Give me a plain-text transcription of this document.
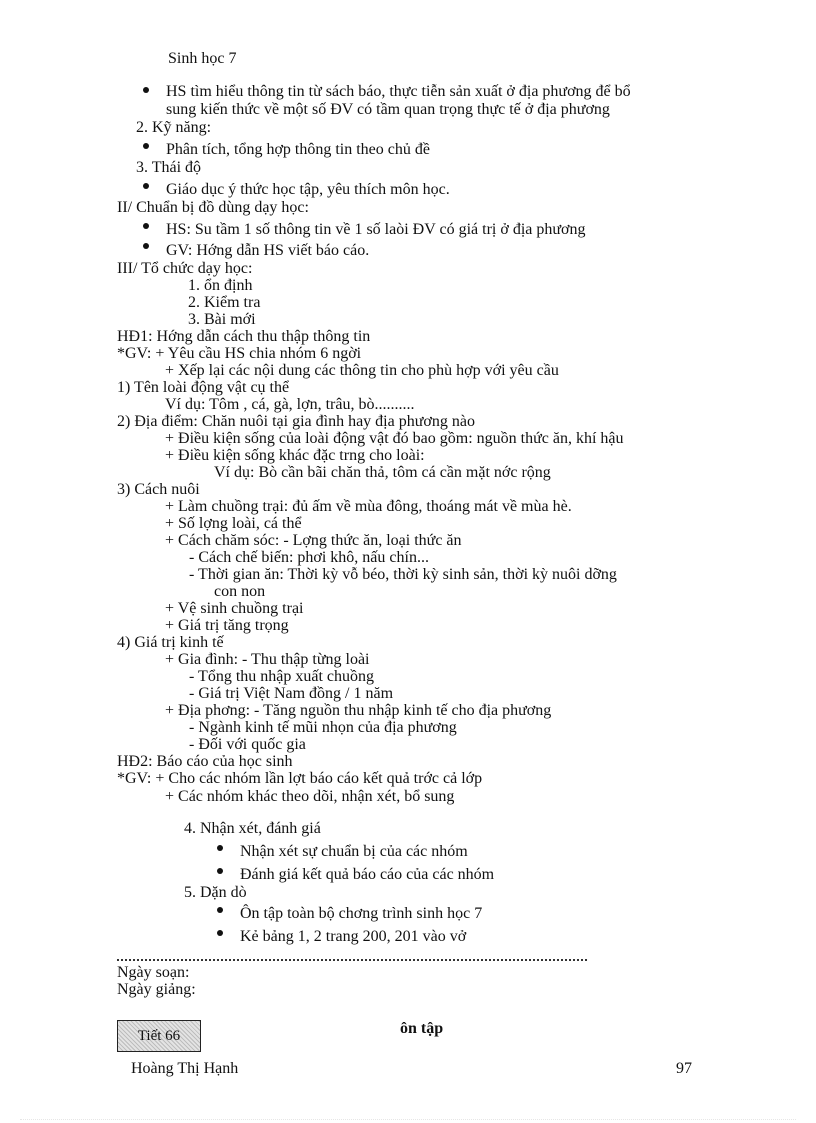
Sinh học 7
HS tìm hiểu thông tin từ sách báo, thực tiễn sản xuất ở địa phương để bổ
sung kiến thức về một số ĐV có tầm quan trọng thực tế ở địa phương
2. Kỹ năng:
Phân tích, tổng hợp thông tin theo chủ đề
3. Thái độ
Giáo dục ý thức học tập, yêu thích môn học.
II/ Chuẩn bị đồ dùng dạy học:
HS: Su tầm 1 số thông tin về 1 số laòi ĐV có giá trị ở địa phương
GV: Hớng dẫn HS viết báo cáo.
III/ Tổ chức dạy học:
1. ổn định
2. Kiểm tra
3. Bài mới
HĐ1: Hớng dẫn cách thu thập thông tin
*GV: + Yêu cầu HS chia nhóm 6 ngời
+ Xếp lại các nội dung các thông tin cho phù hợp với yêu cầu
1) Tên loài động vật cụ thể
Ví dụ: Tôm , cá, gà, lợn, trâu, bò..........
2) Địa điểm: Chăn nuôi tại gia đình hay địa phương nào
+ Điều kiện sống của loài động vật đó bao gồm: nguồn thức ăn, khí hậu
+ Điều kiện sống khác đặc trng cho loài:
Ví dụ: Bò cần bãi chăn thả, tôm cá cần mặt nớc rộng
3) Cách nuôi
+ Làm chuồng trại: đủ ấm về mùa đông, thoáng mát về mùa hè.
+ Số lợng loài, cá thể
+ Cách chăm sóc: - Lợng thức ăn, loại thức ăn
- Cách chế biến: phơi khô, nấu chín...
- Thời gian ăn: Thời kỳ vỗ béo, thời kỳ sinh sản, thời kỳ nuôi dỡng
con non
+ Vệ sinh chuồng trại
+ Giá trị tăng trọng
4) Giá trị kinh tế
+ Gia đình: - Thu thập từng loài
- Tổng thu nhập xuất chuồng
- Giá trị Việt Nam đồng / 1 năm
+ Địa phơng: - Tăng nguồn thu nhập kinh tế cho địa phương
- Ngành kinh tế mũi nhọn của địa phương
- Đối với quốc gia
HĐ2: Báo cáo của học sinh
*GV: + Cho các nhóm lần lợt báo cáo kết quả trớc cả lớp
+ Các nhóm khác theo dõi, nhận xét, bổ sung
4. Nhận xét, đánh giá
Nhận xét sự chuẩn bị của các nhóm
Đánh giá kết quả báo cáo của các nhóm
5. Dặn dò
Ôn tập toàn bộ chơng trình sinh học 7
Kẻ bảng 1, 2 trang 200, 201 vào vở
Ngày soạn:
Ngày giảng:
Tiết 66	ôn tập
Hoàng Thị Hạnh	97
